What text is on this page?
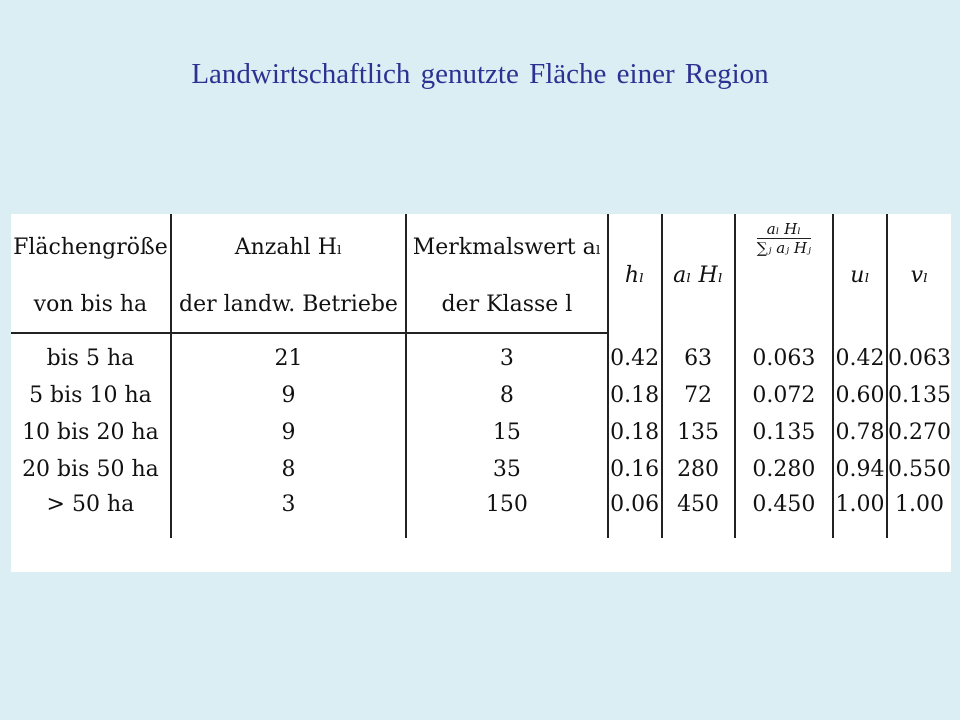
Landwirtschaftlich genutzte Fläche einer Region
Flächengröße	Anzahl Hₗ	Merkmalswert aₗ	hₗ	aₗ Hₗ	$\frac{\text{aₗ Hₗ}}{\text{∑ⱼ aⱼ Hⱼ}}$	uₗ	vₗ
von bis ha	der landw. Betriebe	der Klasse l					
bis 5 ha	21	3	0.42	63	0.063	0.42	0.063
5 bis 10 ha	9	8	0.18	72	0.072	0.60	0.135
10 bis 20 ha	9	15	0.18	135	0.135	0.78	0.270
20 bis 50 ha	8	35	0.16	280	0.280	0.94	0.550
> 50 ha	3	150	0.06	450	0.450	1.00	1.00
